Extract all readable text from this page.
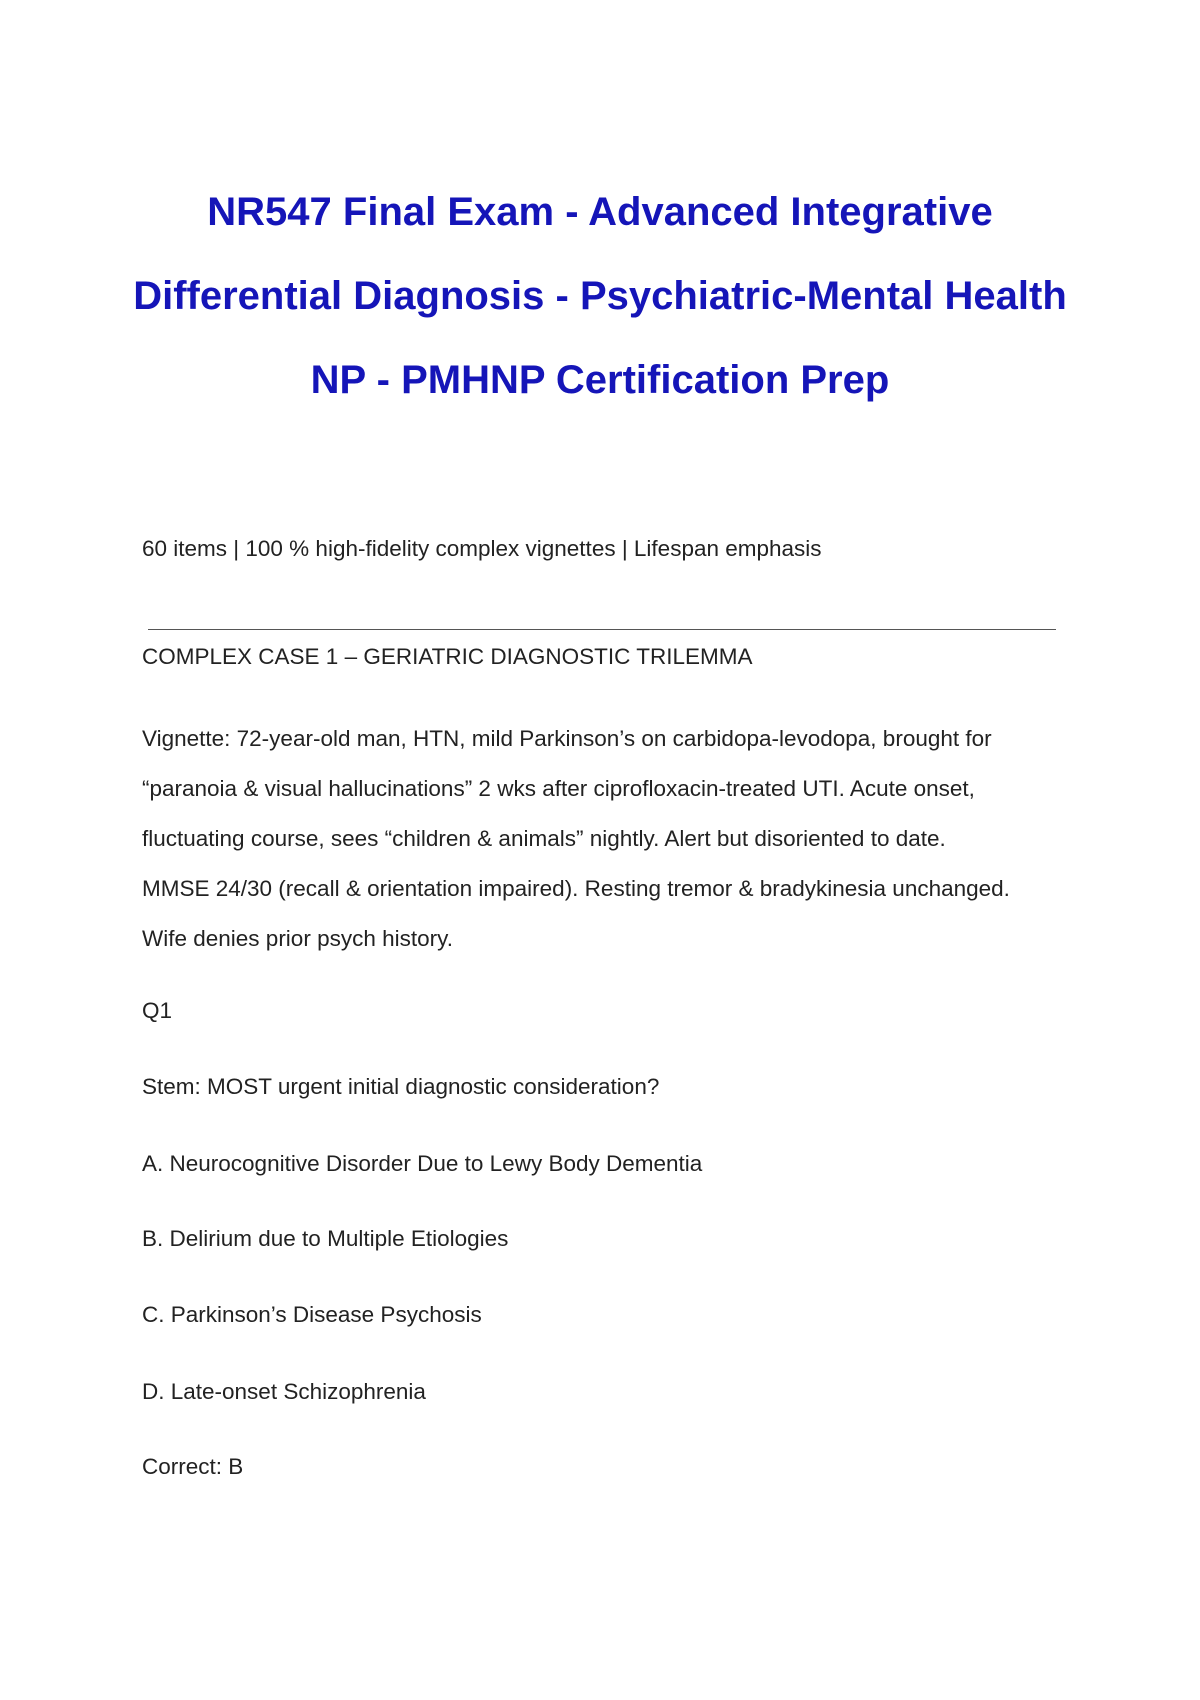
NR547 Final Exam - Advanced Integrative
Differential Diagnosis - Psychiatric-Mental Health
NP - PMHNP Certification Prep

60 items | 100 % high-fidelity complex vignettes | Lifespan emphasis

COMPLEX CASE 1 – GERIATRIC DIAGNOSTIC TRILEMMA

Vignette: 72-year-old man, HTN, mild Parkinson’s on carbidopa-levodopa, brought for
“paranoia & visual hallucinations” 2 wks after ciprofloxacin-treated UTI. Acute onset,
fluctuating course, sees “children & animals” nightly. Alert but disoriented to date.
MMSE 24/30 (recall & orientation impaired). Resting tremor & bradykinesia unchanged.
Wife denies prior psych history.

Q1

Stem: MOST urgent initial diagnostic consideration?

A. Neurocognitive Disorder Due to Lewy Body Dementia

B. Delirium due to Multiple Etiologies

C. Parkinson’s Disease Psychosis

D. Late-onset Schizophrenia

Correct: B
